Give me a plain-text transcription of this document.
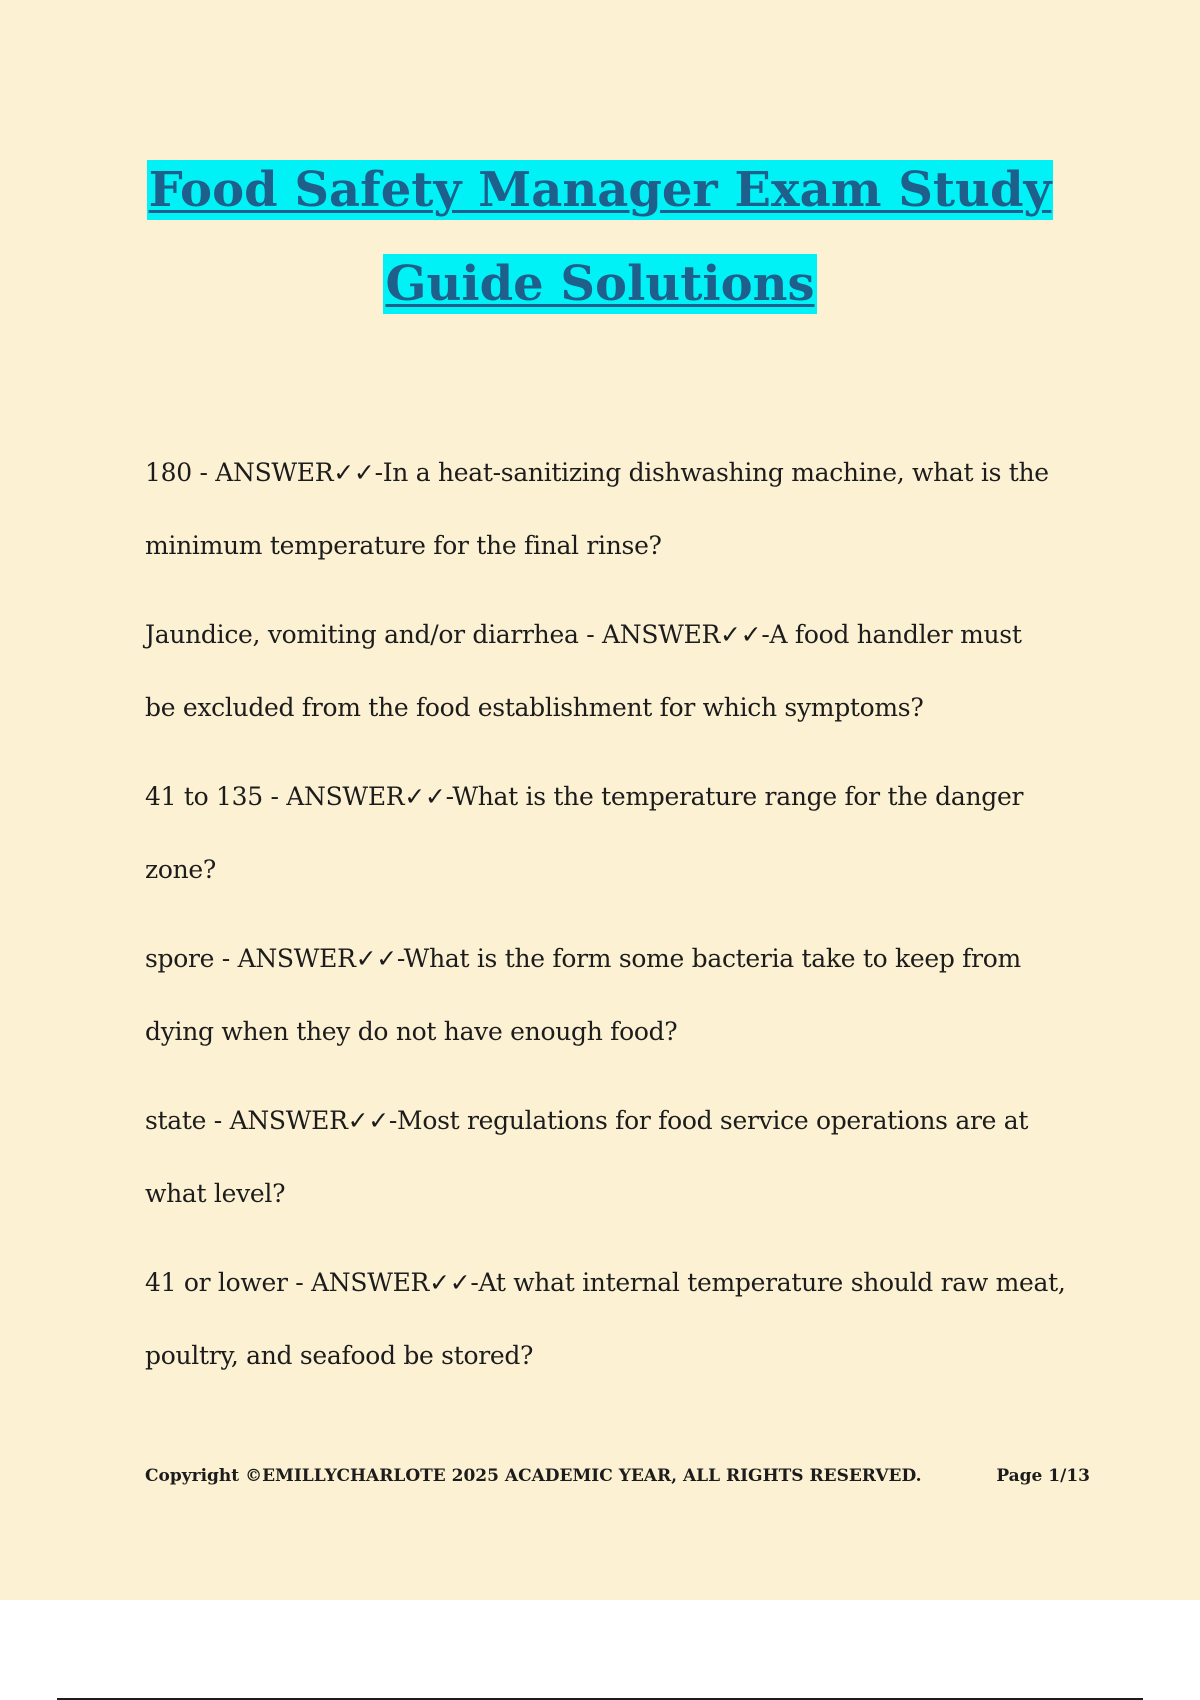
Food Safety Manager Exam Study
Guide Solutions
180 - ANSWER✓✓-In a heat-sanitizing dishwashing machine, what is the
minimum temperature for the final rinse?
Jaundice, vomiting and/or diarrhea - ANSWER✓✓-A food handler must
be excluded from the food establishment for which symptoms?
41 to 135 - ANSWER✓✓-What is the temperature range for the danger
zone?
spore - ANSWER✓✓-What is the form some bacteria take to keep from
dying when they do not have enough food?
state - ANSWER✓✓-Most regulations for food service operations are at
what level?
41 or lower - ANSWER✓✓-At what internal temperature should raw meat,
poultry, and seafood be stored?
Copyright ©EMILLYCHARLOTE 2025 ACADEMIC YEAR, ALL RIGHTS RESERVED.	Page 1/13
